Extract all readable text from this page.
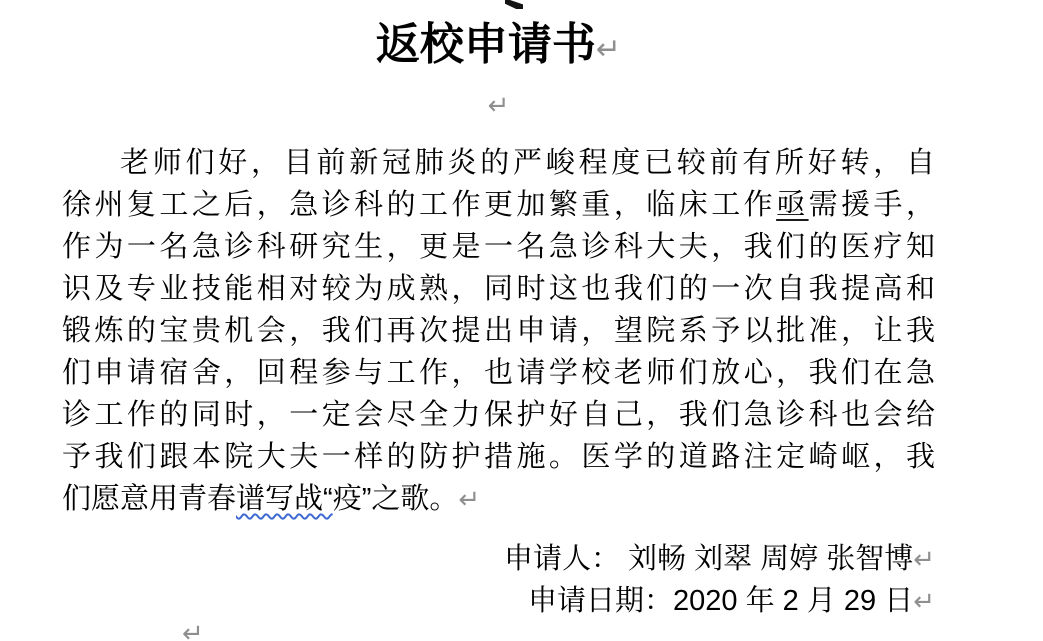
返校申请书↵
↵
老师们好，目前新冠肺炎的严峻程度已较前有所好转，自
徐州复工之后，急诊科的工作更加繁重，临床工作亟需援手，
作为一名急诊科研究生，更是一名急诊科大夫，我们的医疗知
识及专业技能相对较为成熟，同时这也我们的一次自我提高和
锻炼的宝贵机会，我们再次提出申请，望院系予以批准，让我
们申请宿舍，回程参与工作，也请学校老师们放心，我们在急
诊工作的同时，一定会尽全力保护好自己，我们急诊科也会给
予我们跟本院大夫一样的防护措施。医学的道路注定崎岖，我
们愿意用青春谱写战“疫”之歌。↵
申请人： 刘畅 刘翠 周婷 张智博↵
申请日期：2020 年 2 月 29 日↵
↵
